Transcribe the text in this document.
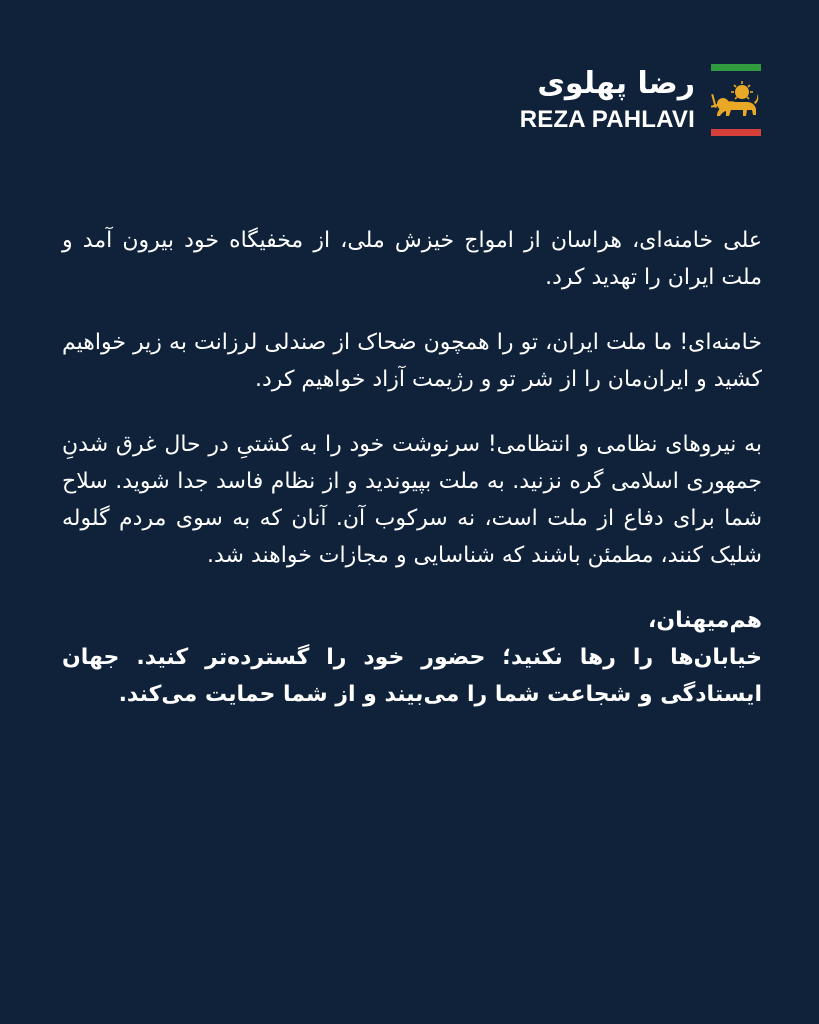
رضا پهلوی
REZA PAHLAVI

علی خامنه‌ای، هراسان از امواج خیزش ملی، از مخفیگاه خود بیرون آمد و ملت ایران را تهدید کرد.

خامنه‌ای! ما ملت ایران، تو را همچون ضحاک از صندلی لرزانت به زیر خواهیم کشید و ایران‌مان را از شر تو و رژیمت آزاد خواهیم کرد.

به نیروهای نظامی و انتظامی! سرنوشت خود را به کشتیِ در حال غرق شدنِ جمهوری اسلامی گره نزنید. به ملت بپیوندید و از نظام فاسد جدا شوید. سلاح شما برای دفاع از ملت است، نه سرکوب آن. آنان که به سوی مردم گلوله شلیک کنند، مطمئن باشند که شناسایی و مجازات خواهند شد.

هم‌میهنان،

خیابان‌ها را رها نکنید؛ حضور خود را گسترده‌تر کنید. جهان ایستادگی و شجاعت شما را می‌بیند و از شما حمایت می‌کند.
